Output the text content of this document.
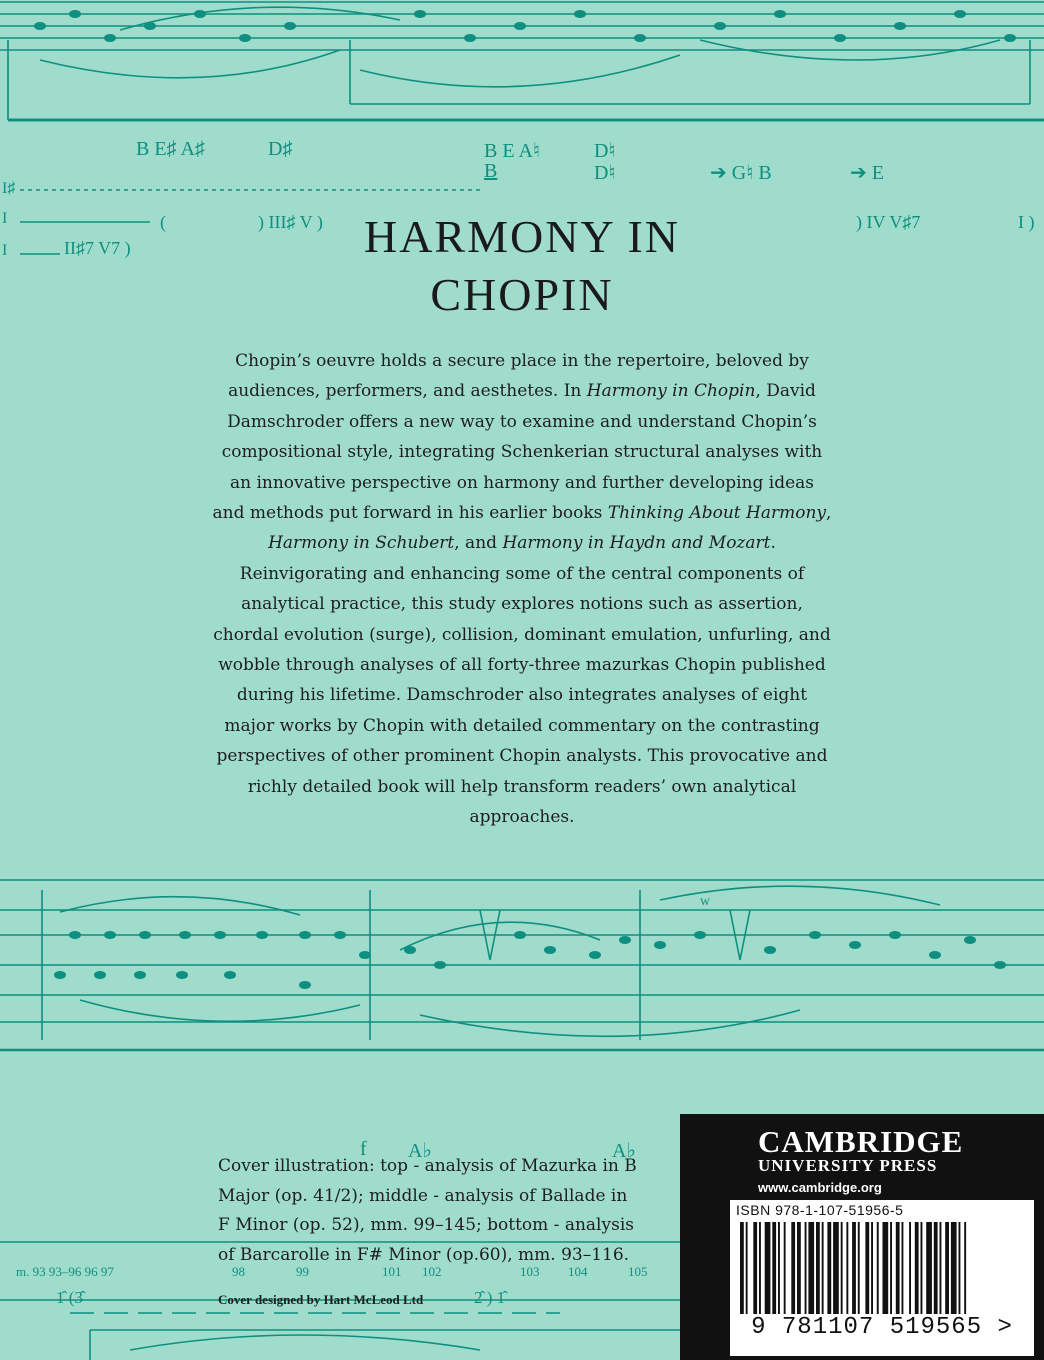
B E♯ A♯	D♯	B E A♮
B
D♮
D♮	➔ G♮ B	➔ E
I♯
I
I	II♯7 V7 )
(	) III♯ V )	) IV V♯7	I )
w
f A♭	A♭
m. 93 93–96 96 97	98	99	101 102	103 104	105
1̂ (3̂	2̂ ) 1̂
HARMONY IN
CHOPIN
Chopin’s oeuvre holds a secure place in the repertoire, beloved by audiences, performers, and aesthetes. In Harmony in Chopin, David Damschroder offers a new way to examine and understand Chopin’s compositional style, integrating Schenkerian structural analyses with an innovative perspective on harmony and further developing ideas and methods put forward in his earlier books Thinking About Harmony, Harmony in Schubert, and Harmony in Haydn and Mozart. Reinvigorating and enhancing some of the central components of analytical practice, this study explores notions such as assertion, chordal evolution (surge), collision, dominant emulation, unfurling, and wobble through analyses of all forty-three mazurkas Chopin published during his lifetime. Damschroder also integrates analyses of eight major works by Chopin with detailed commentary on the contrasting perspectives of other prominent Chopin analysts. This provocative and richly detailed book will help transform readers’ own analytical approaches.
Cover illustration: top - analysis of Mazurka in B Major (op. 41/2); middle - analysis of Ballade in F Minor (op. 52), mm. 99–145; bottom - analysis of Barcarolle in F# Minor (op.60), mm. 93–116.
Cover designed by Hart McLeod Ltd
CAMBRIDGE
UNIVERSITY PRESS
www.cambridge.org
ISBN 978-1-107-51956-5
9 781107 519565 >
